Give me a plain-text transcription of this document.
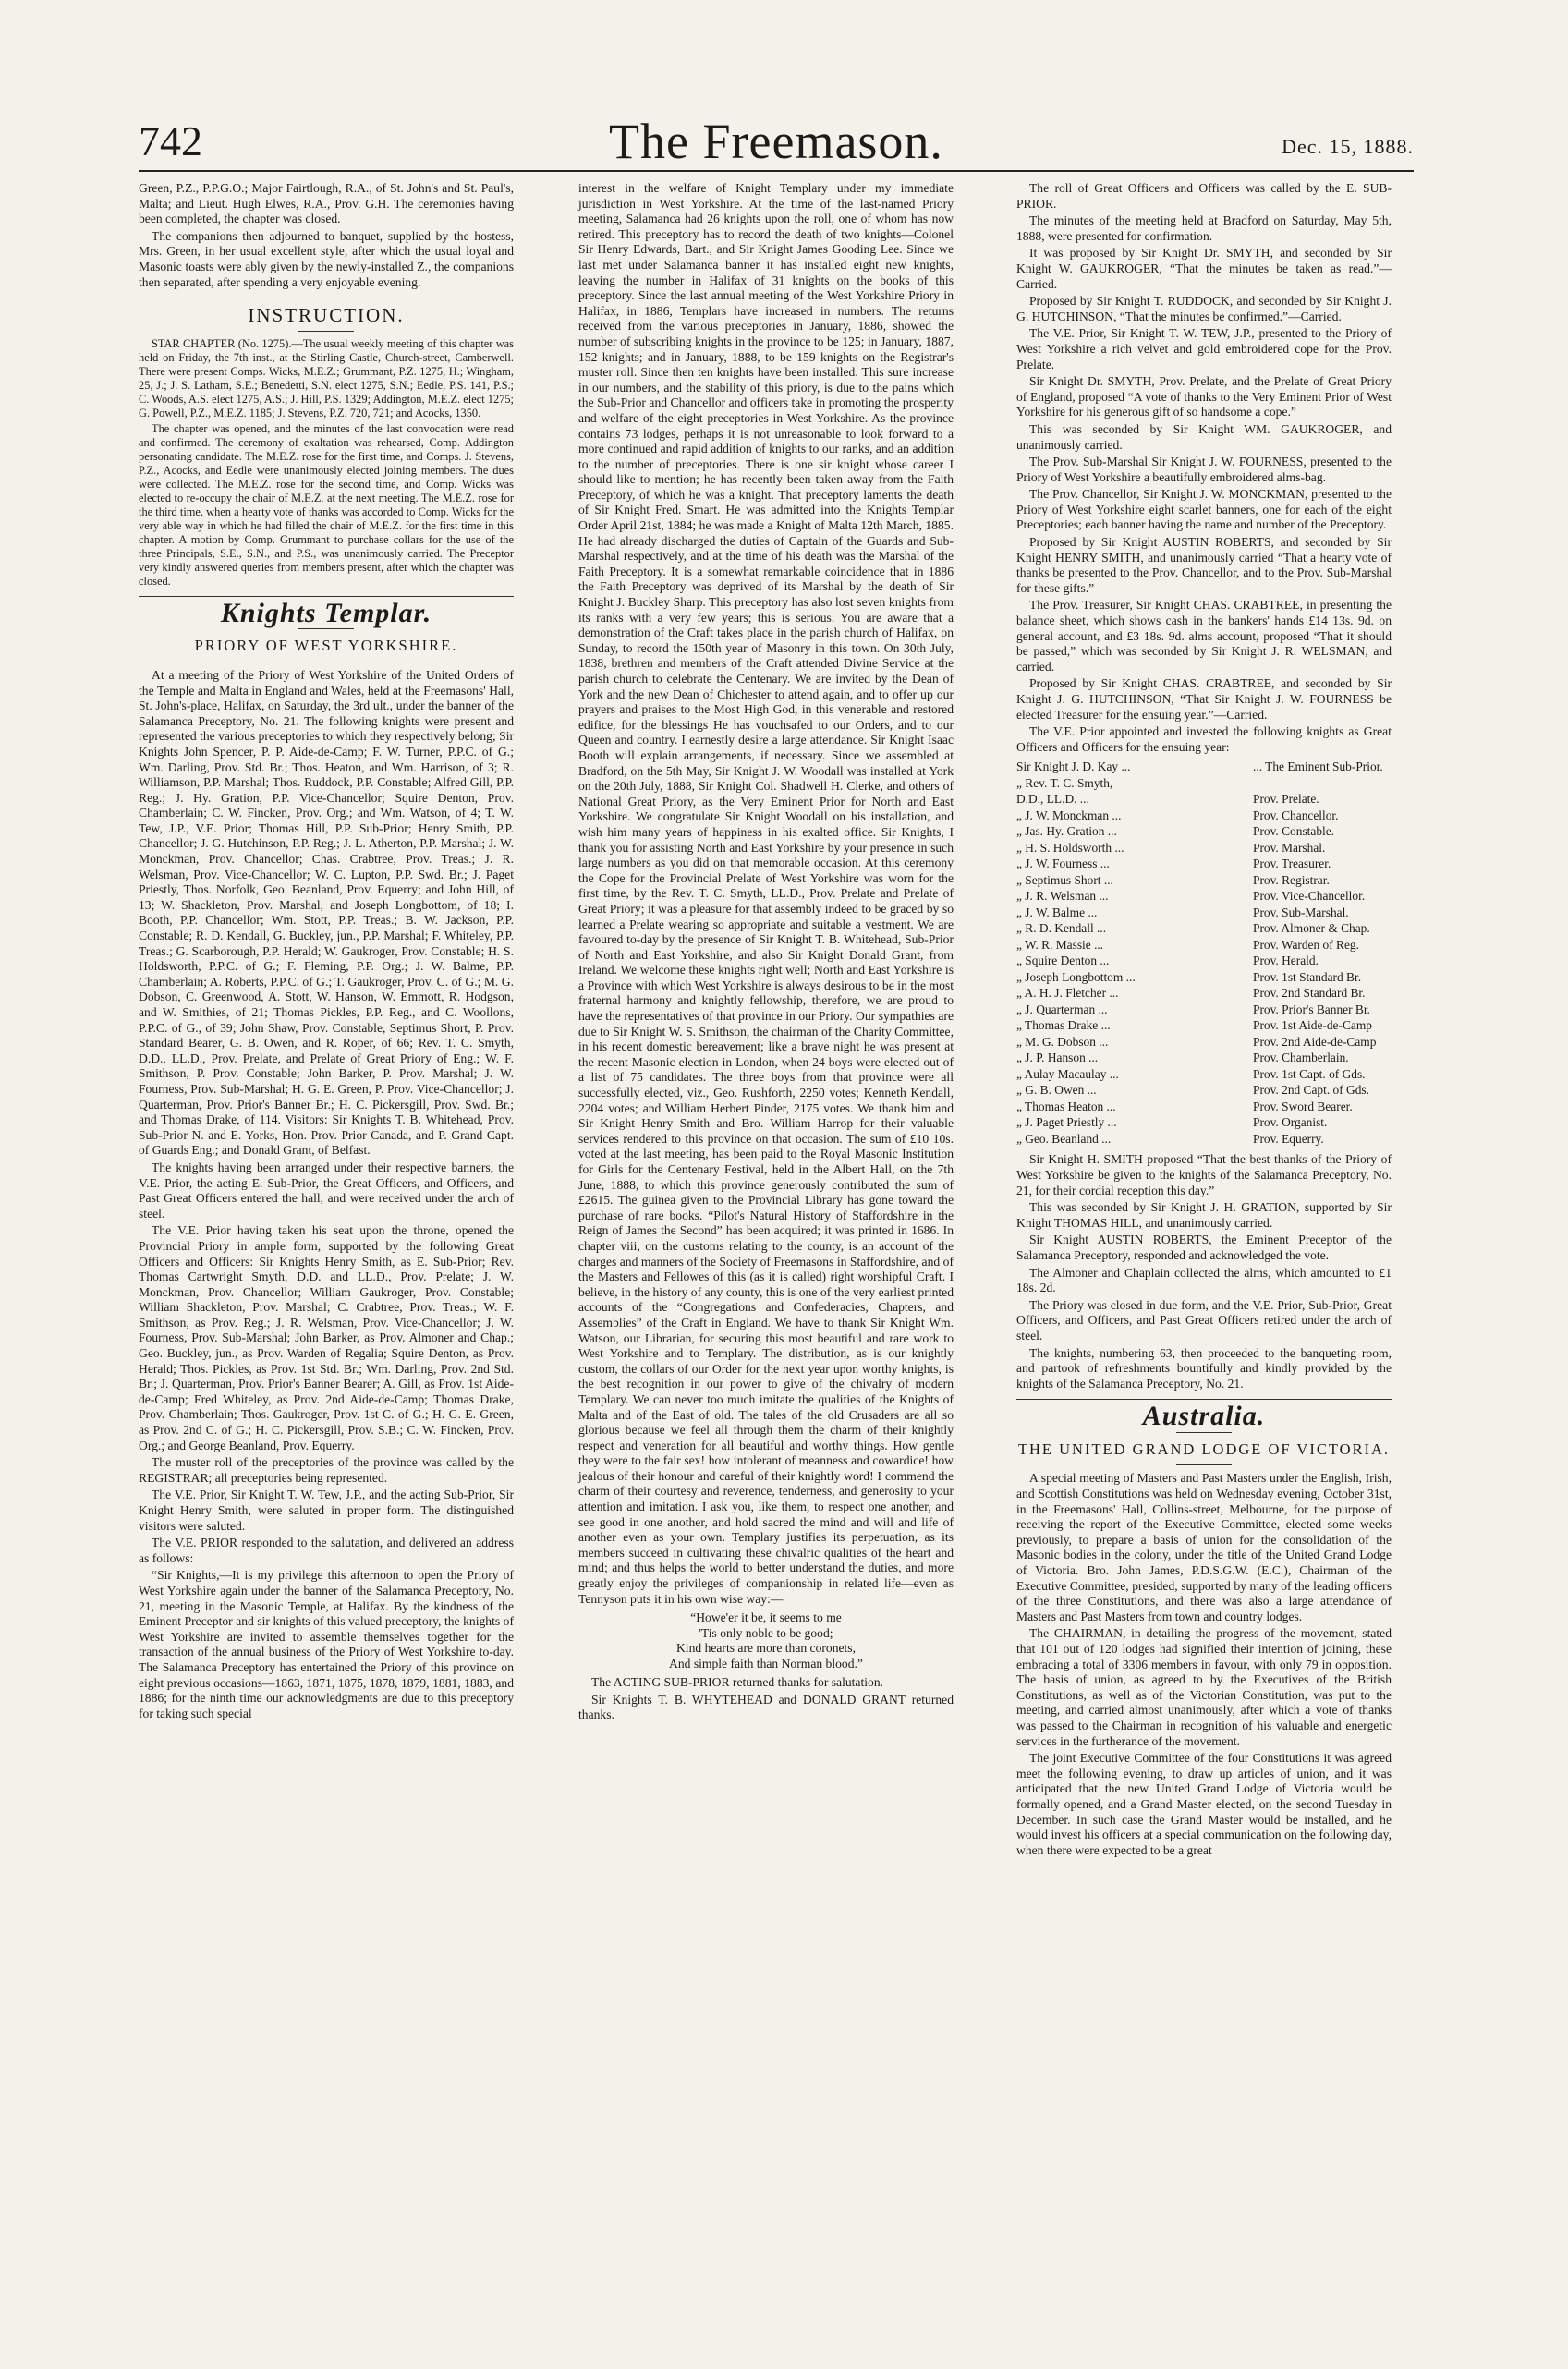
742	The Freemason.	Dec. 15, 1888.

Green, P.Z., P.P.G.O.; Major Fairtlough, R.A., of St. John's and St. Paul's, Malta; and Lieut. Hugh Elwes, R.A., Prov. G.H. The ceremonies having been completed, the chapter was closed.

The companions then adjourned to banquet, supplied by the hostess, Mrs. Green, in her usual excellent style, after which the usual loyal and Masonic toasts were ably given by the newly-installed Z., the companions then separated, after spending a very enjoyable evening.

INSTRUCTION.

STAR CHAPTER (No. 1275).—The usual weekly meeting of this chapter was held on Friday, the 7th inst., at the Stirling Castle, Church-street, Camberwell. There were present Comps. Wicks, M.E.Z.; Grummant, P.Z. 1275, H.; Wingham, 25, J.; J. S. Latham, S.E.; Benedetti, S.N. elect 1275, S.N.; Eedle, P.S. 141, P.S.; C. Woods, A.S. elect 1275, A.S.; J. Hill, P.S. 1329; Addington, M.E.Z. elect 1275; G. Powell, P.Z., M.E.Z. 1185; J. Stevens, P.Z. 720, 721; and Acocks, 1350.

The chapter was opened, and the minutes of the last convocation were read and confirmed. The ceremony of exaltation was rehearsed, Comp. Addington personating candidate. The M.E.Z. rose for the first time, and Comps. J. Stevens, P.Z., Acocks, and Eedle were unanimously elected joining members. The dues were collected. The M.E.Z. rose for the second time, and Comp. Wicks was elected to re-occupy the chair of M.E.Z. at the next meeting. The M.E.Z. rose for the third time, when a hearty vote of thanks was accorded to Comp. Wicks for the very able way in which he had filled the chair of M.E.Z. for the first time in this chapter. A motion by Comp. Grummant to purchase collars for the use of the three Principals, S.E., S.N., and P.S., was unanimously carried. The Preceptor very kindly answered queries from members present, after which the chapter was closed.

Knights Templar.
PRIORY OF WEST YORKSHIRE.

At a meeting of the Priory of West Yorkshire of the United Orders of the Temple and Malta in England and Wales, held at the Freemasons' Hall, St. John's-place, Halifax, on Saturday, the 3rd ult., under the banner of the Salamanca Preceptory, No. 21. The following knights were present and represented the various preceptories to which they respectively belong; Sir Knights John Spencer, P. P. Aide-de-Camp; F. W. Turner, P.P.C. of G.; Wm. Darling, Prov. Std. Br.; Thos. Heaton, and Wm. Harrison, of 3; R. Williamson, P.P. Marshal; Thos. Ruddock, P.P. Constable; Alfred Gill, P.P. Reg.; J. Hy. Gration, P.P. Vice-Chancellor; Squire Denton, Prov. Chamberlain; C. W. Fincken, Prov. Org.; and Wm. Watson, of 4; T. W. Tew, J.P., V.E. Prior; Thomas Hill, P.P. Sub-Prior; Henry Smith, P.P. Chancellor; J. G. Hutchinson, P.P. Reg.; J. L. Atherton, P.P. Marshal; J. W. Monckman, Prov. Chancellor; Chas. Crabtree, Prov. Treas.; J. R. Welsman, Prov. Vice-Chancellor; W. C. Lupton, P.P. Swd. Br.; J. Paget Priestly, Thos. Norfolk, Geo. Beanland, Prov. Equerry; and John Hill, of 13; W. Shackleton, Prov. Marshal, and Joseph Longbottom, of 18; I. Booth, P.P. Chancellor; Wm. Stott, P.P. Treas.; B. W. Jackson, P.P. Constable; R. D. Kendall, G. Buckley, jun., P.P. Marshal; F. Whiteley, P.P. Treas.; G. Scarborough, P.P. Herald; W. Gaukroger, Prov. Constable; H. S. Holdsworth, P.P.C. of G.; F. Fleming, P.P. Org.; J. W. Balme, P.P. Chamberlain; A. Roberts, P.P.C. of G.; T. Gaukroger, Prov. C. of G.; M. G. Dobson, C. Greenwood, A. Stott, W. Hanson, W. Emmott, R. Hodgson, and W. Smithies, of 21; Thomas Pickles, P.P. Reg., and C. Woollons, P.P.C. of G., of 39; John Shaw, Prov. Constable, Septimus Short, P. Prov. Standard Bearer, G. B. Owen, and R. Roper, of 66; Rev. T. C. Smyth, D.D., LL.D., Prov. Prelate, and Prelate of Great Priory of Eng.; W. F. Smithson, P. Prov. Constable; John Barker, P. Prov. Marshal; J. W. Fourness, Prov. Sub-Marshal; H. G. E. Green, P. Prov. Vice-Chancellor; J. Quarterman, Prov. Prior's Banner Br.; H. C. Pickersgill, Prov. Swd. Br.; and Thomas Drake, of 114. Visitors: Sir Knights T. B. Whitehead, Prov. Sub-Prior N. and E. Yorks, Hon. Prov. Prior Canada, and P. Grand Capt. of Guards Eng.; and Donald Grant, of Belfast.

The knights having been arranged under their respective banners, the V.E. Prior, the acting E. Sub-Prior, the Great Officers, and Officers, and Past Great Officers entered the hall, and were received under the arch of steel.

The V.E. Prior having taken his seat upon the throne, opened the Provincial Priory in ample form, supported by the following Great Officers and Officers: Sir Knights Henry Smith, as E. Sub-Prior; Rev. Thomas Cartwright Smyth, D.D. and LL.D., Prov. Prelate; J. W. Monckman, Prov. Chancellor; William Gaukroger, Prov. Constable; William Shackleton, Prov. Marshal; C. Crabtree, Prov. Treas.; W. F. Smithson, as Prov. Reg.; J. R. Welsman, Prov. Vice-Chancellor; J. W. Fourness, Prov. Sub-Marshal; John Barker, as Prov. Almoner and Chap.; Geo. Buckley, jun., as Prov. Warden of Regalia; Squire Denton, as Prov. Herald; Thos. Pickles, as Prov. 1st Std. Br.; Wm. Darling, Prov. 2nd Std. Br.; J. Quarterman, Prov. Prior's Banner Bearer; A. Gill, as Prov. 1st Aide-de-Camp; Fred Whiteley, as Prov. 2nd Aide-de-Camp; Thomas Drake, Prov. Chamberlain; Thos. Gaukroger, Prov. 1st C. of G.; H. G. E. Green, as Prov. 2nd C. of G.; H. C. Pickersgill, Prov. S.B.; C. W. Fincken, Prov. Org.; and George Beanland, Prov. Equerry.

The muster roll of the preceptories of the province was called by the REGISTRAR; all preceptories being represented.

The V.E. Prior, Sir Knight T. W. Tew, J.P., and the acting Sub-Prior, Sir Knight Henry Smith, were saluted in proper form. The distinguished visitors were saluted.

The V.E. PRIOR responded to the salutation, and delivered an address as follows:

“Sir Knights,—It is my privilege this afternoon to open the Priory of West Yorkshire again under the banner of the Salamanca Preceptory, No. 21, meeting in the Masonic Temple, at Halifax. By the kindness of the Eminent Preceptor and sir knights of this valued preceptory, the knights of West Yorkshire are invited to assemble themselves together for the transaction of the annual business of the Priory of West Yorkshire to-day. The Salamanca Preceptory has entertained the Priory of this province on eight previous occasions—1863, 1871, 1875, 1878, 1879, 1881, 1883, and 1886; for the ninth time our acknowledgments are due to this preceptory for taking such special

interest in the welfare of Knight Templary under my immediate jurisdiction in West Yorkshire. At the time of the last-named Priory meeting, Salamanca had 26 knights upon the roll, one of whom has now retired. This preceptory has to record the death of two knights—Colonel Sir Henry Edwards, Bart., and Sir Knight James Gooding Lee. Since we last met under Salamanca banner it has installed eight new knights, leaving the number in Halifax of 31 knights on the books of this preceptory. Since the last annual meeting of the West Yorkshire Priory in Halifax, in 1886, Templars have increased in numbers. The returns received from the various preceptories in January, 1886, showed the number of subscribing knights in the province to be 125; in January, 1887, 152 knights; and in January, 1888, to be 159 knights on the Registrar's muster roll. Since then ten knights have been installed. This sure increase in our numbers, and the stability of this priory, is due to the pains which the Sub-Prior and Chancellor and officers take in promoting the prosperity and welfare of the eight preceptories in West Yorkshire. As the province contains 73 lodges, perhaps it is not unreasonable to look forward to a more continued and rapid addition of knights to our ranks, and an addition to the number of preceptories. There is one sir knight whose career I should like to mention; he has recently been taken away from the Faith Preceptory, of which he was a knight. That preceptory laments the death of Sir Knight Fred. Smart. He was admitted into the Knights Templar Order April 21st, 1884; he was made a Knight of Malta 12th March, 1885. He had already discharged the duties of Captain of the Guards and Sub-Marshal respectively, and at the time of his death was the Marshal of the Faith Preceptory. It is a somewhat remarkable coincidence that in 1886 the Faith Preceptory was deprived of its Marshal by the death of Sir Knight J. Buckley Sharp. This preceptory has also lost seven knights from its ranks with a very few years; this is serious. You are aware that a demonstration of the Craft takes place in the parish church of Halifax, on Sunday, to record the 150th year of Masonry in this town. On 30th July, 1838, brethren and members of the Craft attended Divine Service at the parish church to celebrate the Centenary. We are invited by the Dean of York and the new Dean of Chichester to attend again, and to offer up our prayers and praises to the Most High God, in this venerable and restored edifice, for the blessings He has vouchsafed to our Orders, and to our Queen and country. I earnestly desire a large attendance. Sir Knight Isaac Booth will explain arrangements, if necessary. Since we assembled at Bradford, on the 5th May, Sir Knight J. W. Woodall was installed at York on the 20th July, 1888, Sir Knight Col. Shadwell H. Clerke, and others of National Great Priory, as the Very Eminent Prior for North and East Yorkshire. We congratulate Sir Knight Woodall on his installation, and wish him many years of happiness in his exalted office. Sir Knights, I thank you for assisting North and East Yorkshire by your presence in such large numbers as you did on that memorable occasion. At this ceremony the Cope for the Provincial Prelate of West Yorkshire was worn for the first time, by the Rev. T. C. Smyth, LL.D., Prov. Prelate and Prelate of Great Priory; it was a pleasure for that assembly indeed to be graced by so learned a Prelate wearing so appropriate and suitable a vestment. We are favoured to-day by the presence of Sir Knight T. B. Whitehead, Sub-Prior of North and East Yorkshire, and also Sir Knight Donald Grant, from Ireland. We welcome these knights right well; North and East Yorkshire is a Province with which West Yorkshire is always desirous to be in the most fraternal harmony and knightly fellowship, therefore, we are proud to have the representatives of that province in our Priory. Our sympathies are due to Sir Knight W. S. Smithson, the chairman of the Charity Committee, in his recent domestic bereavement; like a brave night he was present at the recent Masonic election in London, when 24 boys were elected out of a list of 75 candidates. The three boys from that province were all successfully elected, viz., Geo. Rushforth, 2250 votes; Kenneth Kendall, 2204 votes; and William Herbert Pinder, 2175 votes. We thank him and Sir Knight Henry Smith and Bro. William Harrop for their valuable services rendered to this province on that occasion. The sum of £10 10s. voted at the last meeting, has been paid to the Royal Masonic Institution for Girls for the Centenary Festival, held in the Albert Hall, on the 7th June, 1888, to which this province generously contributed the sum of £2615. The guinea given to the Provincial Library has gone toward the purchase of rare books. “Pilot's Natural History of Staffordshire in the Reign of James the Second” has been acquired; it was printed in 1686. In chapter viii, on the customs relating to the county, is an account of the charges and manners of the Society of Freemasons in Staffordshire, and of the Masters and Fellowes of this (as it is called) right worshipful Craft. I believe, in the history of any county, this is one of the very earliest printed accounts of the “Congregations and Confederacies, Chapters, and Assemblies” of the Craft in England. We have to thank Sir Knight Wm. Watson, our Librarian, for securing this most beautiful and rare work to West Yorkshire and to Templary. The distribution, as is our knightly custom, the collars of our Order for the next year upon worthy knights, is the best recognition in our power to give of the chivalry of modern Templary. We can never too much imitate the qualities of the Knights of Malta and of the East of old. The tales of the old Crusaders are all so glorious because we feel all through them the charm of their knightly respect and veneration for all beautiful and worthy things. How gentle they were to the fair sex! how intolerant of meanness and cowardice! how jealous of their honour and careful of their knightly word! I commend the charm of their courtesy and reverence, tenderness, and generosity to your attention and imitation. I ask you, like them, to respect one another, and see good in one another, and hold sacred the mind and will and life of another even as your own. Templary justifies its perpetuation, as its members succeed in cultivating these chivalric qualities of the heart and mind; and thus helps the world to better understand the duties, and more greatly enjoy the privileges of companionship in related life—even as Tennyson puts it in his own wise way:—

“Howe'er it be, it seems to me
'Tis only noble to be good;
Kind hearts are more than coronets,
And simple faith than Norman blood.”

The ACTING SUB-PRIOR returned thanks for salutation.

Sir Knights T. B. WHYTEHEAD and DONALD GRANT returned thanks.

The roll of Great Officers and Officers was called by the E. SUB-PRIOR.

The minutes of the meeting held at Bradford on Saturday, May 5th, 1888, were presented for confirmation.

It was proposed by Sir Knight Dr. SMYTH, and seconded by Sir Knight W. GAUKROGER, “That the minutes be taken as read.”—Carried.

Proposed by Sir Knight T. RUDDOCK, and seconded by Sir Knight J. G. HUTCHINSON, “That the minutes be confirmed.”—Carried.

The V.E. Prior, Sir Knight T. W. TEW, J.P., presented to the Priory of West Yorkshire a rich velvet and gold embroidered cope for the Prov. Prelate.

Sir Knight Dr. SMYTH, Prov. Prelate, and the Prelate of Great Priory of England, proposed “A vote of thanks to the Very Eminent Prior of West Yorkshire for his generous gift of so handsome a cope.”

This was seconded by Sir Knight WM. GAUKROGER, and unanimously carried.

The Prov. Sub-Marshal Sir Knight J. W. FOURNESS, presented to the Priory of West Yorkshire a beautifully embroidered alms-bag.

The Prov. Chancellor, Sir Knight J. W. MONCKMAN, presented to the Priory of West Yorkshire eight scarlet banners, one for each of the eight Preceptories; each banner having the name and number of the Preceptory.

Proposed by Sir Knight AUSTIN ROBERTS, and seconded by Sir Knight HENRY SMITH, and unanimously carried “That a hearty vote of thanks be presented to the Prov. Chancellor, and to the Prov. Sub-Marshal for these gifts.”

The Prov. Treasurer, Sir Knight CHAS. CRABTREE, in presenting the balance sheet, which shows cash in the bankers' hands £14 13s. 9d. on general account, and £3 18s. 9d. alms account, proposed “That it should be passed,” which was seconded by Sir Knight J. R. WELSMAN, and carried.

Proposed by Sir Knight CHAS. CRABTREE, and seconded by Sir Knight J. G. HUTCHINSON, “That Sir Knight J. W. FOURNESS be elected Treasurer for the ensuing year.”—Carried.

The V.E. Prior appointed and invested the following knights as Great Officers and Officers for the ensuing year:

Sir Knight J. D. Kay ...	... The Eminent Sub-Prior.
„ Rev. T. C. Smyth,
D.D., LL.D. ...	Prov. Prelate.
„ J. W. Monckman ...	Prov. Chancellor.
„ Jas. Hy. Gration ...	Prov. Constable.
„ H. S. Holdsworth ...	Prov. Marshal.
„ J. W. Fourness ...	Prov. Treasurer.
„ Septimus Short ...	Prov. Registrar.
„ J. R. Welsman ...	Prov. Vice-Chancellor.
„ J. W. Balme ...	Prov. Sub-Marshal.
„ R. D. Kendall ...	Prov. Almoner & Chap.
„ W. R. Massie ...	Prov. Warden of Reg.
„ Squire Denton ...	Prov. Herald.
„ Joseph Longbottom ...	Prov. 1st Standard Br.
„ A. H. J. Fletcher ...	Prov. 2nd Standard Br.
„ J. Quarterman ...	Prov. Prior's Banner Br.
„ Thomas Drake ...	Prov. 1st Aide-de-Camp
„ M. G. Dobson ...	Prov. 2nd Aide-de-Camp
„ J. P. Hanson ...	Prov. Chamberlain.
„ Aulay Macaulay ...	Prov. 1st Capt. of Gds.
„ G. B. Owen ...	Prov. 2nd Capt. of Gds.
„ Thomas Heaton ...	Prov. Sword Bearer.
„ J. Paget Priestly ...	Prov. Organist.
„ Geo. Beanland ...	Prov. Equerry.

Sir Knight H. SMITH proposed “That the best thanks of the Priory of West Yorkshire be given to the knights of the Salamanca Preceptory, No. 21, for their cordial reception this day.”

This was seconded by Sir Knight J. H. GRATION, supported by Sir Knight THOMAS HILL, and unanimously carried.

Sir Knight AUSTIN ROBERTS, the Eminent Preceptor of the Salamanca Preceptory, responded and acknowledged the vote.

The Almoner and Chaplain collected the alms, which amounted to £1 18s. 2d.

The Priory was closed in due form, and the V.E. Prior, Sub-Prior, Great Officers, and Officers, and Past Great Officers retired under the arch of steel.

The knights, numbering 63, then proceeded to the banqueting room, and partook of refreshments bountifully and kindly provided by the knights of the Salamanca Preceptory, No. 21.

Australia.
THE UNITED GRAND LODGE OF VICTORIA.

A special meeting of Masters and Past Masters under the English, Irish, and Scottish Constitutions was held on Wednesday evening, October 31st, in the Freemasons' Hall, Collins-street, Melbourne, for the purpose of receiving the report of the Executive Committee, elected some weeks previously, to prepare a basis of union for the consolidation of the Masonic bodies in the colony, under the title of the United Grand Lodge of Victoria. Bro. John James, P.D.S.G.W. (E.C.), Chairman of the Executive Committee, presided, supported by many of the leading officers of the three Constitutions, and there was also a large attendance of Masters and Past Masters from town and country lodges.

The CHAIRMAN, in detailing the progress of the movement, stated that 101 out of 120 lodges had signified their intention of joining, these embracing a total of 3306 members in favour, with only 79 in opposition. The basis of union, as agreed to by the Executives of the British Constitutions, as well as of the Victorian Constitution, was put to the meeting, and carried almost unanimously, after which a vote of thanks was passed to the Chairman in recognition of his valuable and energetic services in the furtherance of the movement.

The joint Executive Committee of the four Constitutions it was agreed meet the following evening, to draw up articles of union, and it was anticipated that the new United Grand Lodge of Victoria would be formally opened, and a Grand Master elected, on the second Tuesday in December. In such case the Grand Master would be installed, and he would invest his officers at a special communication on the following day, when there were expected to be a great
